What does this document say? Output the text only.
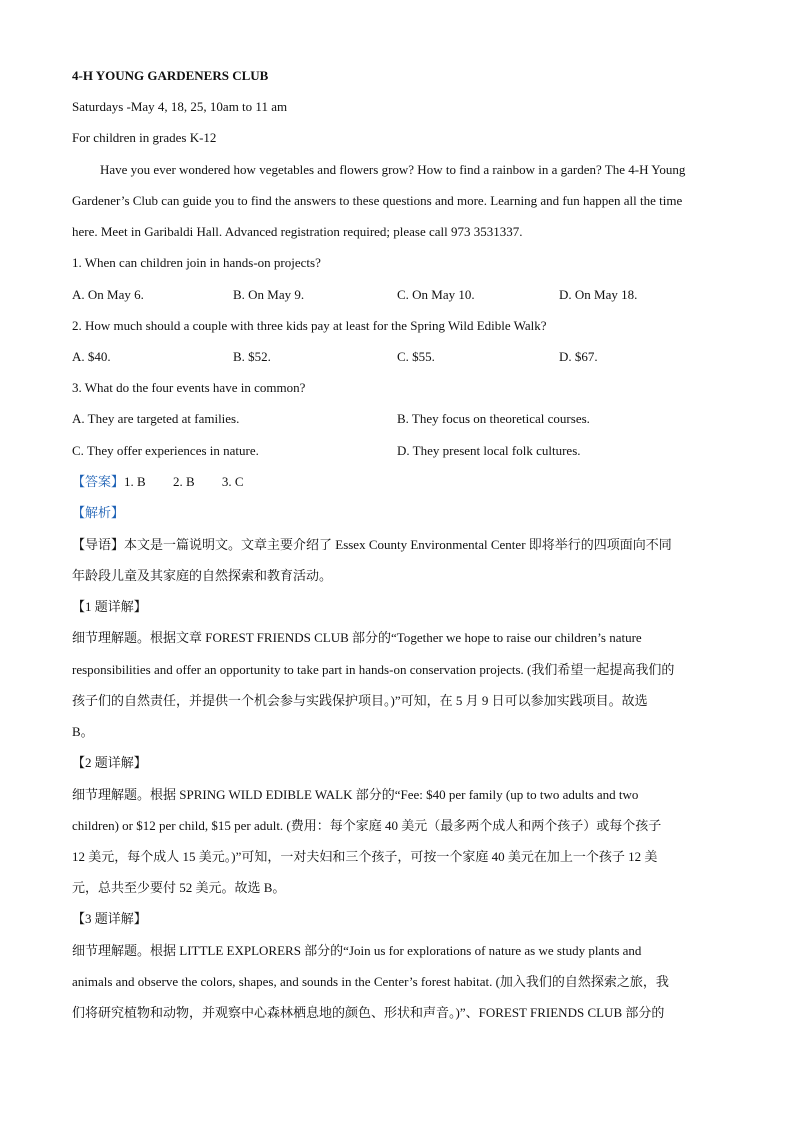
4-H YOUNG GARDENERS CLUB
Saturdays -May 4, 18, 25, 10am to 11 am
For children in grades K-12
Have you ever wondered how vegetables and flowers grow? How to find a rainbow in a garden? The 4-H Young
Gardener’s Club can guide you to find the answers to these questions and more. Learning and fun happen all the time
here. Meet in Garibaldi Hall. Advanced registration required; please call 973 3531337.
1. When can children join in hands-on projects?
A. On May 6.	B. On May 9.	C. On May 10.	D. On May 18.
2. How much should a couple with three kids pay at least for the Spring Wild Edible Walk?
A. $40.	B. $52.	C. $55.	D. $67.
3. What do the four events have in common?
A. They are targeted at families.	B. They focus on theoretical courses.
C. They offer experiences in nature.	D. They present local folk cultures.
【答案】1. B 2. B 3. C
【解析】
【导语】本文是一篇说明文。文章主要介绍了 Essex County Environmental Center 即将举行的四项面向不同
年龄段儿童及其家庭的自然探索和教育活动。
【1 题详解】
细节理解题。根据文章 FOREST FRIENDS CLUB 部分的“Together we hope to raise our children’s nature
responsibilities and offer an opportunity to take part in hands-on conservation projects. (我们希望一起提高我们的
孩子们的自然责任，并提供一个机会参与实践保护项目。)”可知，在 5 月 9 日可以参加实践项目。故选
B。
【2 题详解】
细节理解题。根据 SPRING WILD EDIBLE WALK 部分的“Fee: $40 per family (up to two adults and two
children) or $12 per child, $15 per adult. (费用：每个家庭 40 美元（最多两个成人和两个孩子）或每个孩子
12 美元，每个成人 15 美元。)”可知，一对夫妇和三个孩子，可按一个家庭 40 美元在加上一个孩子 12 美
元，总共至少要付 52 美元。故选 B。
【3 题详解】
细节理解题。根据 LITTLE EXPLORERS 部分的“Join us for explorations of nature as we study plants and
animals and observe the colors, shapes, and sounds in the Center’s forest habitat. (加入我们的自然探索之旅，我
们将研究植物和动物，并观察中心森林栖息地的颜色、形状和声音。)”、FOREST FRIENDS CLUB 部分的
